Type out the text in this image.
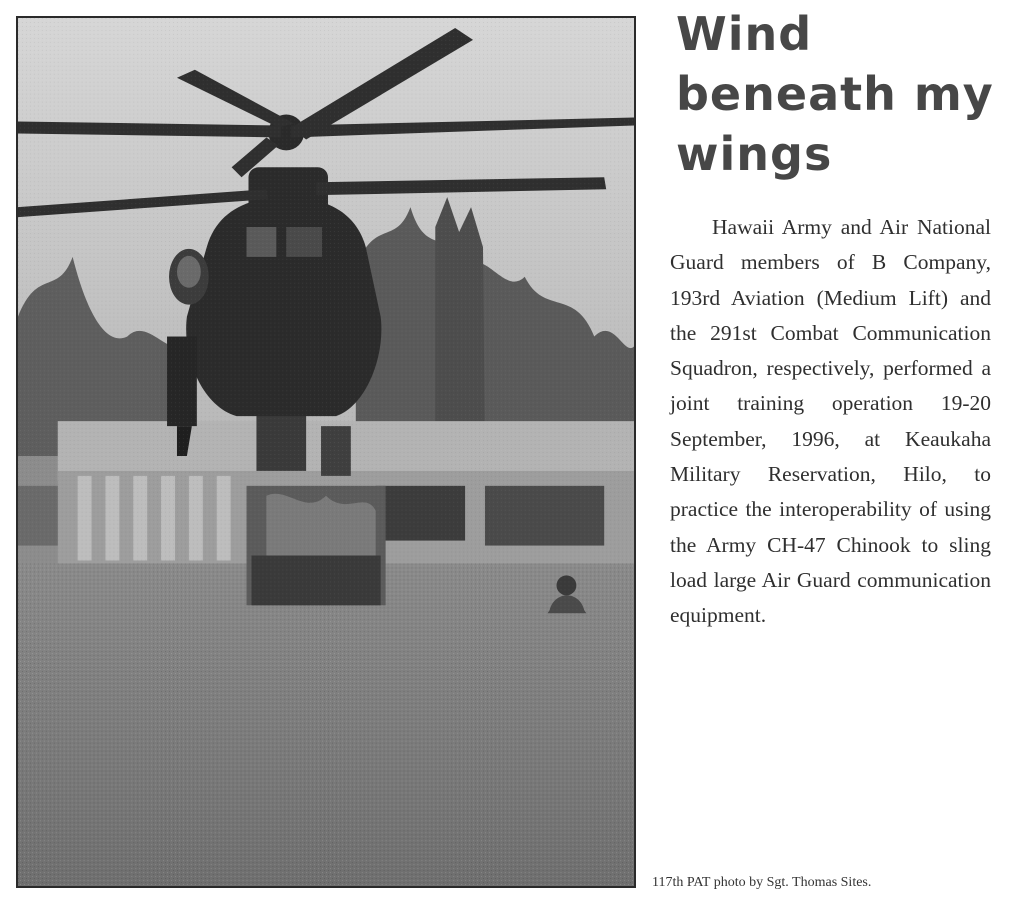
Wind beneath my wings

Hawaii Army and Air National Guard members of B Company, 193rd Aviation (Medium Lift) and the 291st Combat Communication Squadron, respectively, performed a joint training operation 19-20 September, 1996, at Keaukaha Military Reservation, Hilo, to practice the interoperability of using the Army CH-47 Chinook to sling load large Air Guard communication equipment.

117th PAT photo by Sgt. Thomas Sites.
